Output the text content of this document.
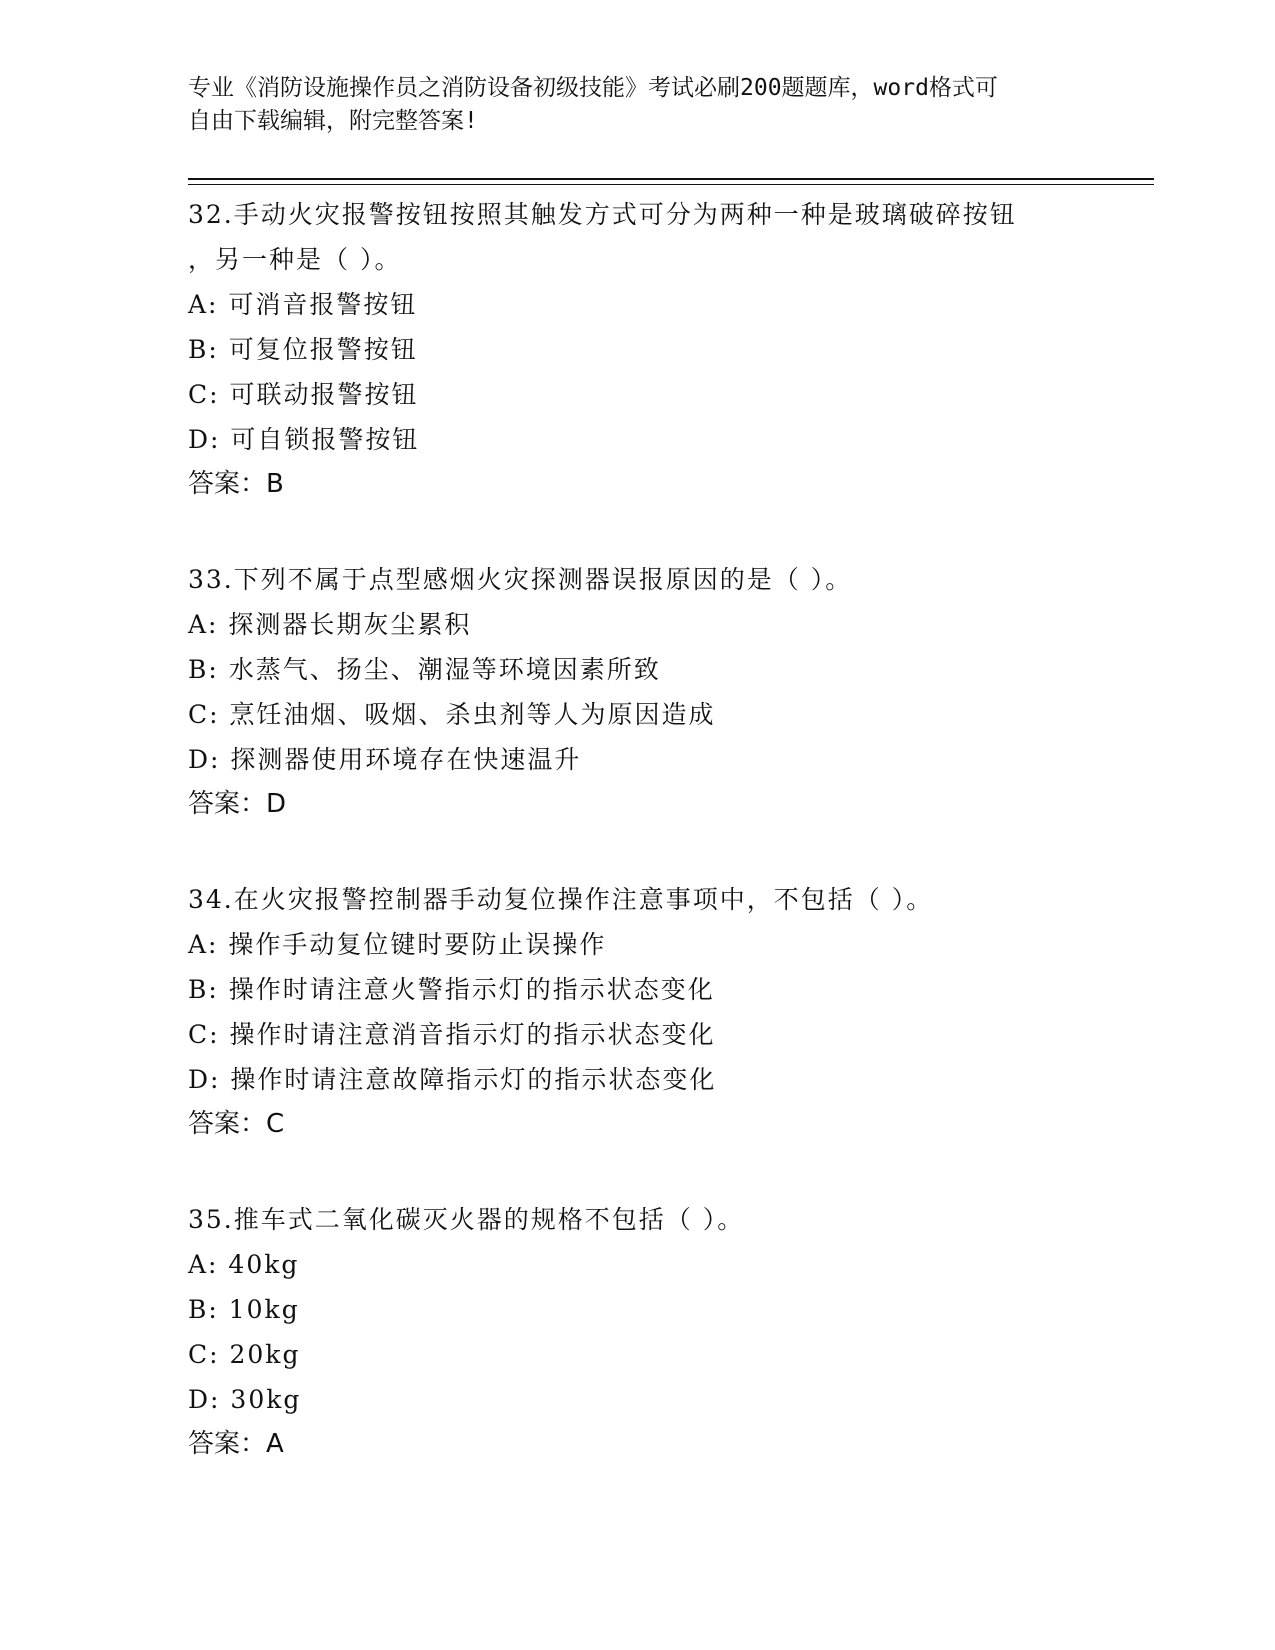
专业《消防设施操作员之消防设备初级技能》考试必刷200题题库，word格式可
自由下载编辑，附完整答案!
32.手动火灾报警按钮按照其触发方式可分为两种一种是玻璃破碎按钮
，另一种是（ ）。
A: 可消音报警按钮
B: 可复位报警按钮
C: 可联动报警按钮
D: 可自锁报警按钮
答案：B
33.下列不属于点型感烟火灾探测器误报原因的是（ ）。
A: 探测器长期灰尘累积
B: 水蒸气、扬尘、潮湿等环境因素所致
C: 烹饪油烟、吸烟、杀虫剂等人为原因造成
D: 探测器使用环境存在快速温升
答案：D
34.在火灾报警控制器手动复位操作注意事项中，不包括（ ）。
A: 操作手动复位键时要防止误操作
B: 操作时请注意火警指示灯的指示状态变化
C: 操作时请注意消音指示灯的指示状态变化
D: 操作时请注意故障指示灯的指示状态变化
答案：C
35.推车式二氧化碳灭火器的规格不包括（ ）。
A: 40kg
B: 10kg
C: 20kg
D: 30kg
答案：A
